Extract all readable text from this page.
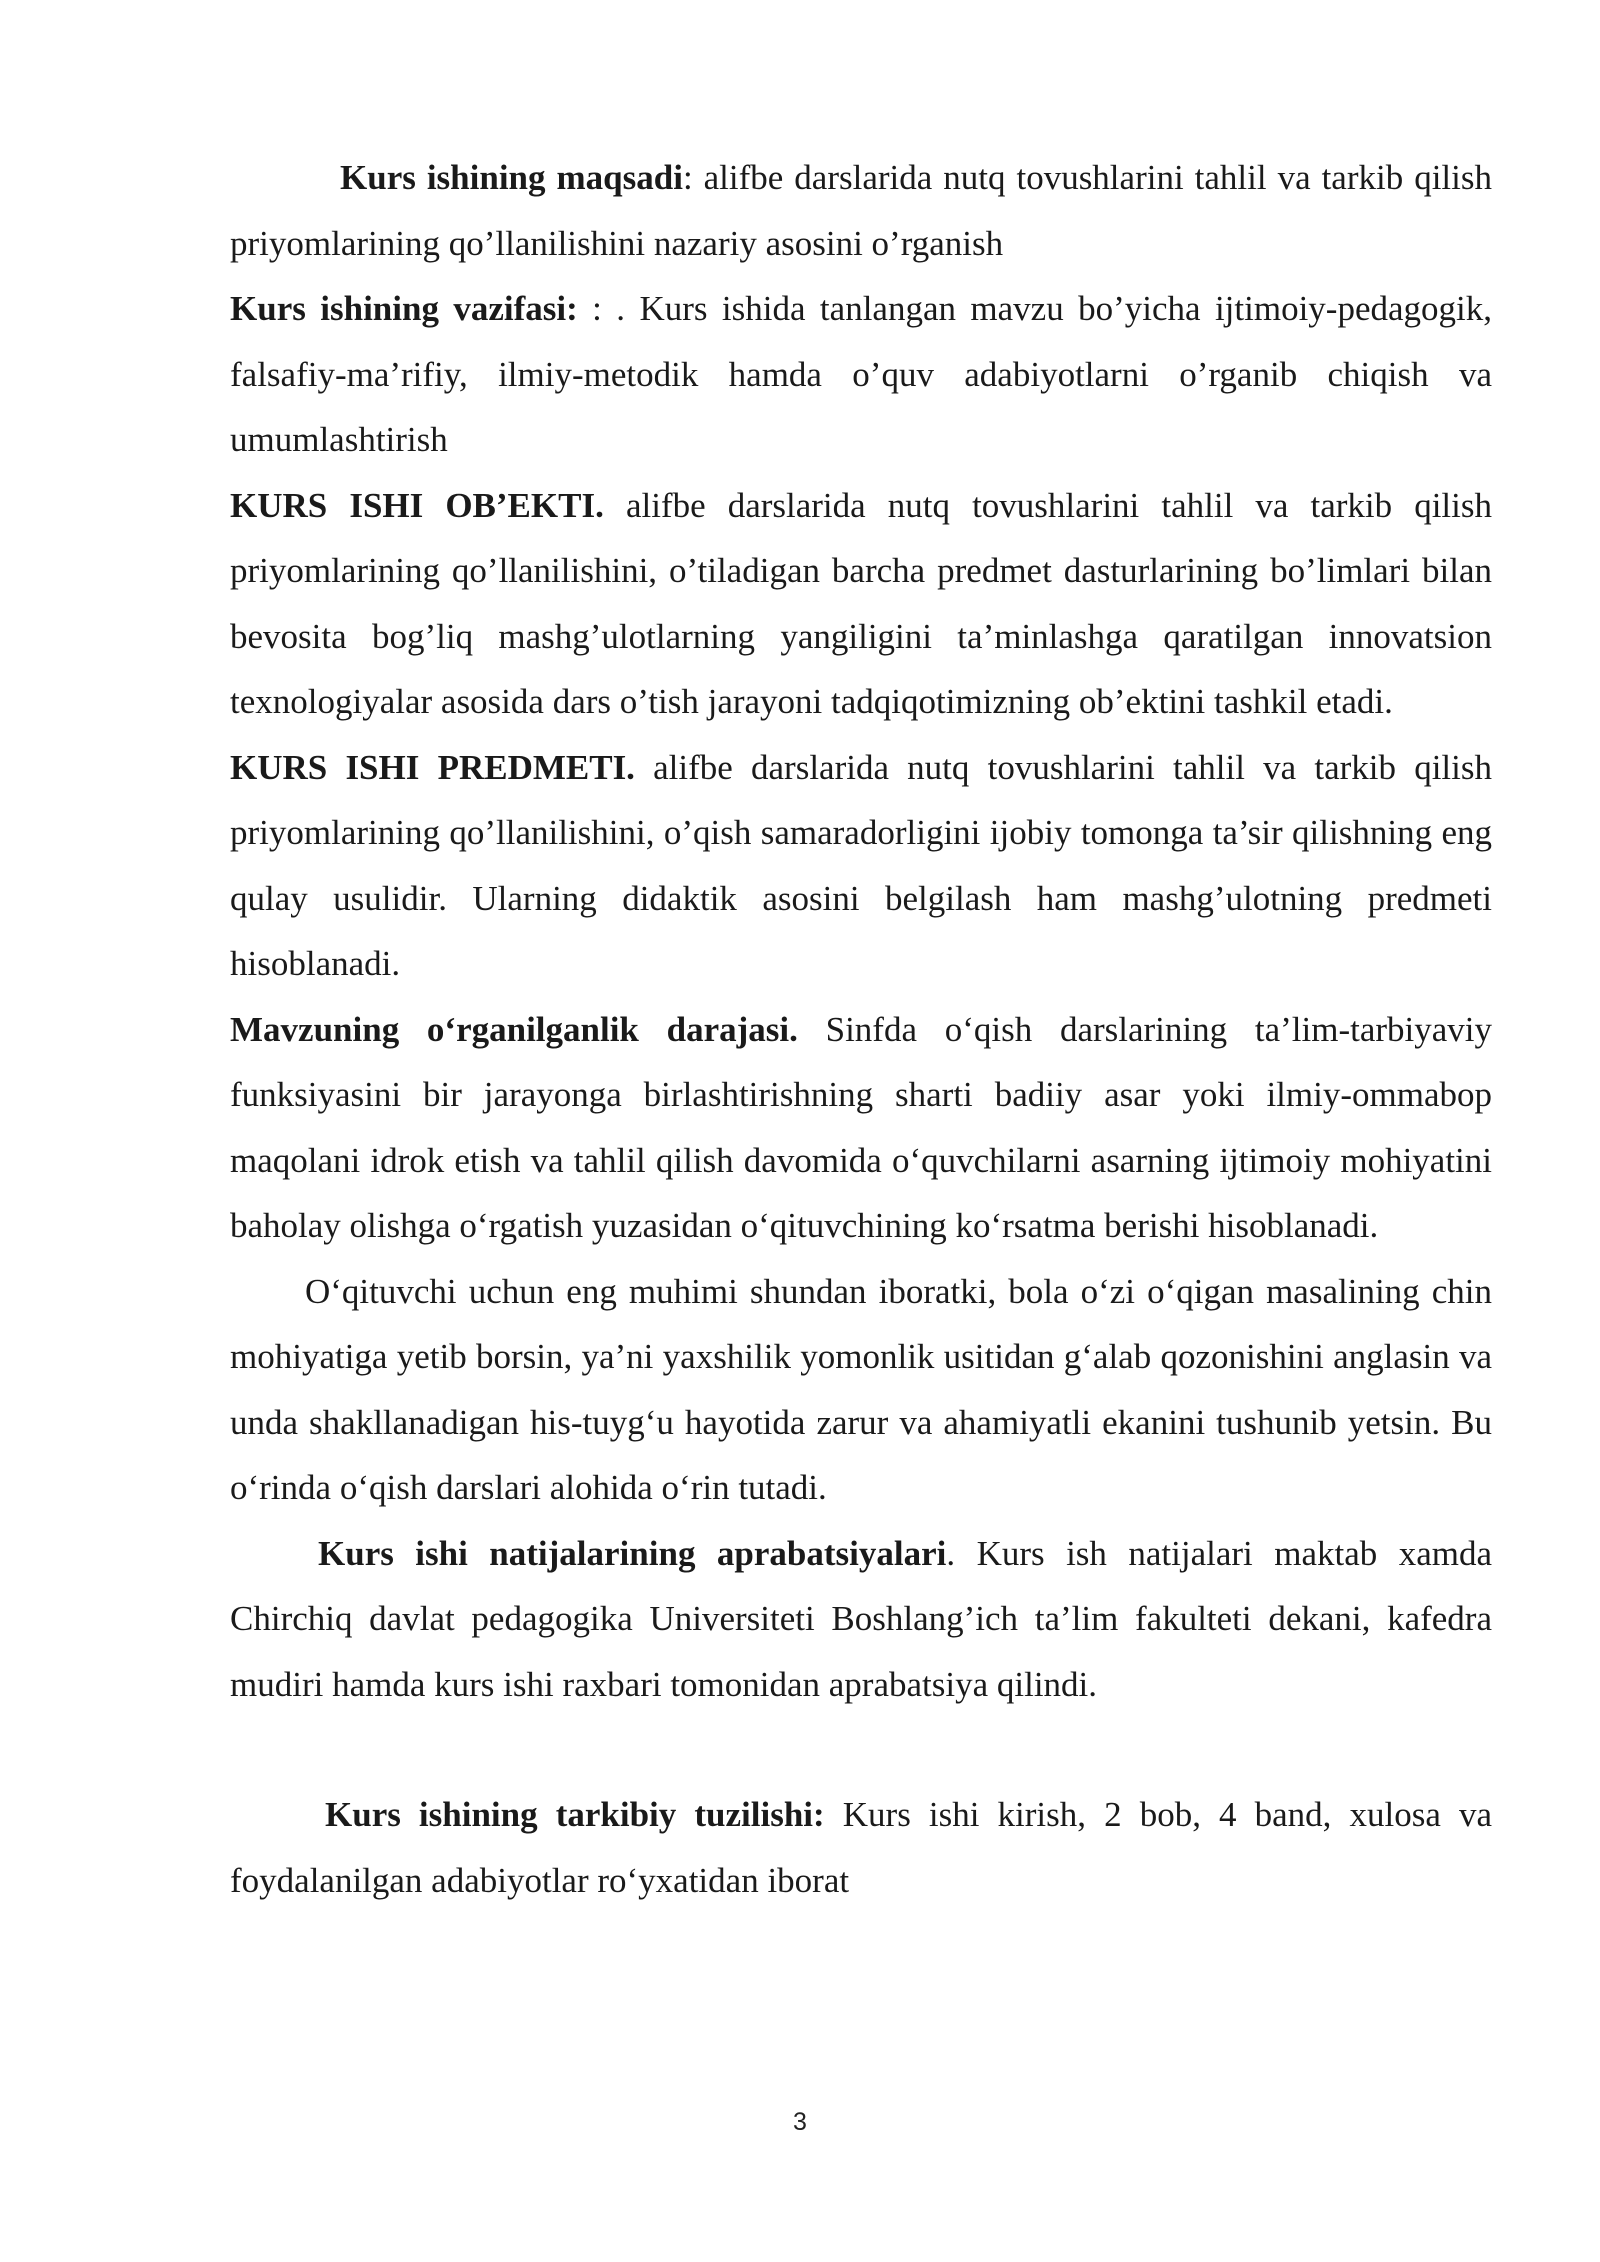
Kurs ishining maqsadi: alifbe darslarida nutq tovushlarini tahlil va tarkib qilish priyomlarining qo’llanilishini nazariy asosini o’rganish

Kurs ishining vazifasi: : . Kurs ishida tanlangan mavzu bo’yicha ijtimoiy-pedagogik, falsafiy-ma’rifiy, ilmiy-metodik hamda o’quv adabiyotlarni o’rganib chiqish va umumlashtirish

KURS ISHI OB’EKTI. alifbe darslarida nutq tovushlarini tahlil va tarkib qilish priyomlarining qo’llanilishini, o’tiladigan barcha predmet dasturlarining bo’limlari bilan bevosita bog’liq mashg’ulotlarning yangiligini ta’minlashga qaratilgan innovatsion texnologiyalar asosida dars o’tish jarayoni tadqiqotimizning ob’ektini tashkil etadi.

KURS ISHI PREDMETI. alifbe darslarida nutq tovushlarini tahlil va tarkib qilish priyomlarining qo’llanilishini, o’qish samaradorligini ijobiy tomonga ta’sir qilishning eng qulay usulidir. Ularning didaktik asosini belgilash ham mashg’ulotning predmeti hisoblanadi.

Mavzuning o‘rganilganlik darajasi. Sinfda o‘qish darslarining ta’lim-tarbiyaviy funksiyasini bir jarayonga birlashtirishning sharti badiiy asar yoki ilmiy-ommabop maqolani idrok etish va tahlil qilish davomida o‘quvchilarni asarning ijtimoiy mohiyatini baholay olishga o‘rgatish yuzasidan o‘qituvchining ko‘rsatma berishi hisoblanadi.

O‘qituvchi uchun eng muhimi shundan iboratki, bola o‘zi o‘qigan masalining chin mohiyatiga yetib borsin, ya’ni yaxshilik yomonlik usitidan g‘alab qozonishini anglasin va unda shakllanadigan his-tuyg‘u hayotida zarur va ahamiyatli ekanini tushunib yetsin. Bu o‘rinda o‘qish darslari alohida o‘rin tutadi.

Kurs ishi natijalarining aprabatsiyalari. Kurs ish natijalari maktab xamda Chirchiq davlat pedagogika Universiteti Boshlang’ich ta’lim fakulteti dekani, kafedra mudiri hamda kurs ishi raxbari tomonidan aprabatsiya qilindi.

Kurs ishining tarkibiy tuzilishi: Kurs ishi kirish, 2 bob, 4 band, xulosa va foydalanilgan adabiyotlar ro‘yxatidan iborat

3
